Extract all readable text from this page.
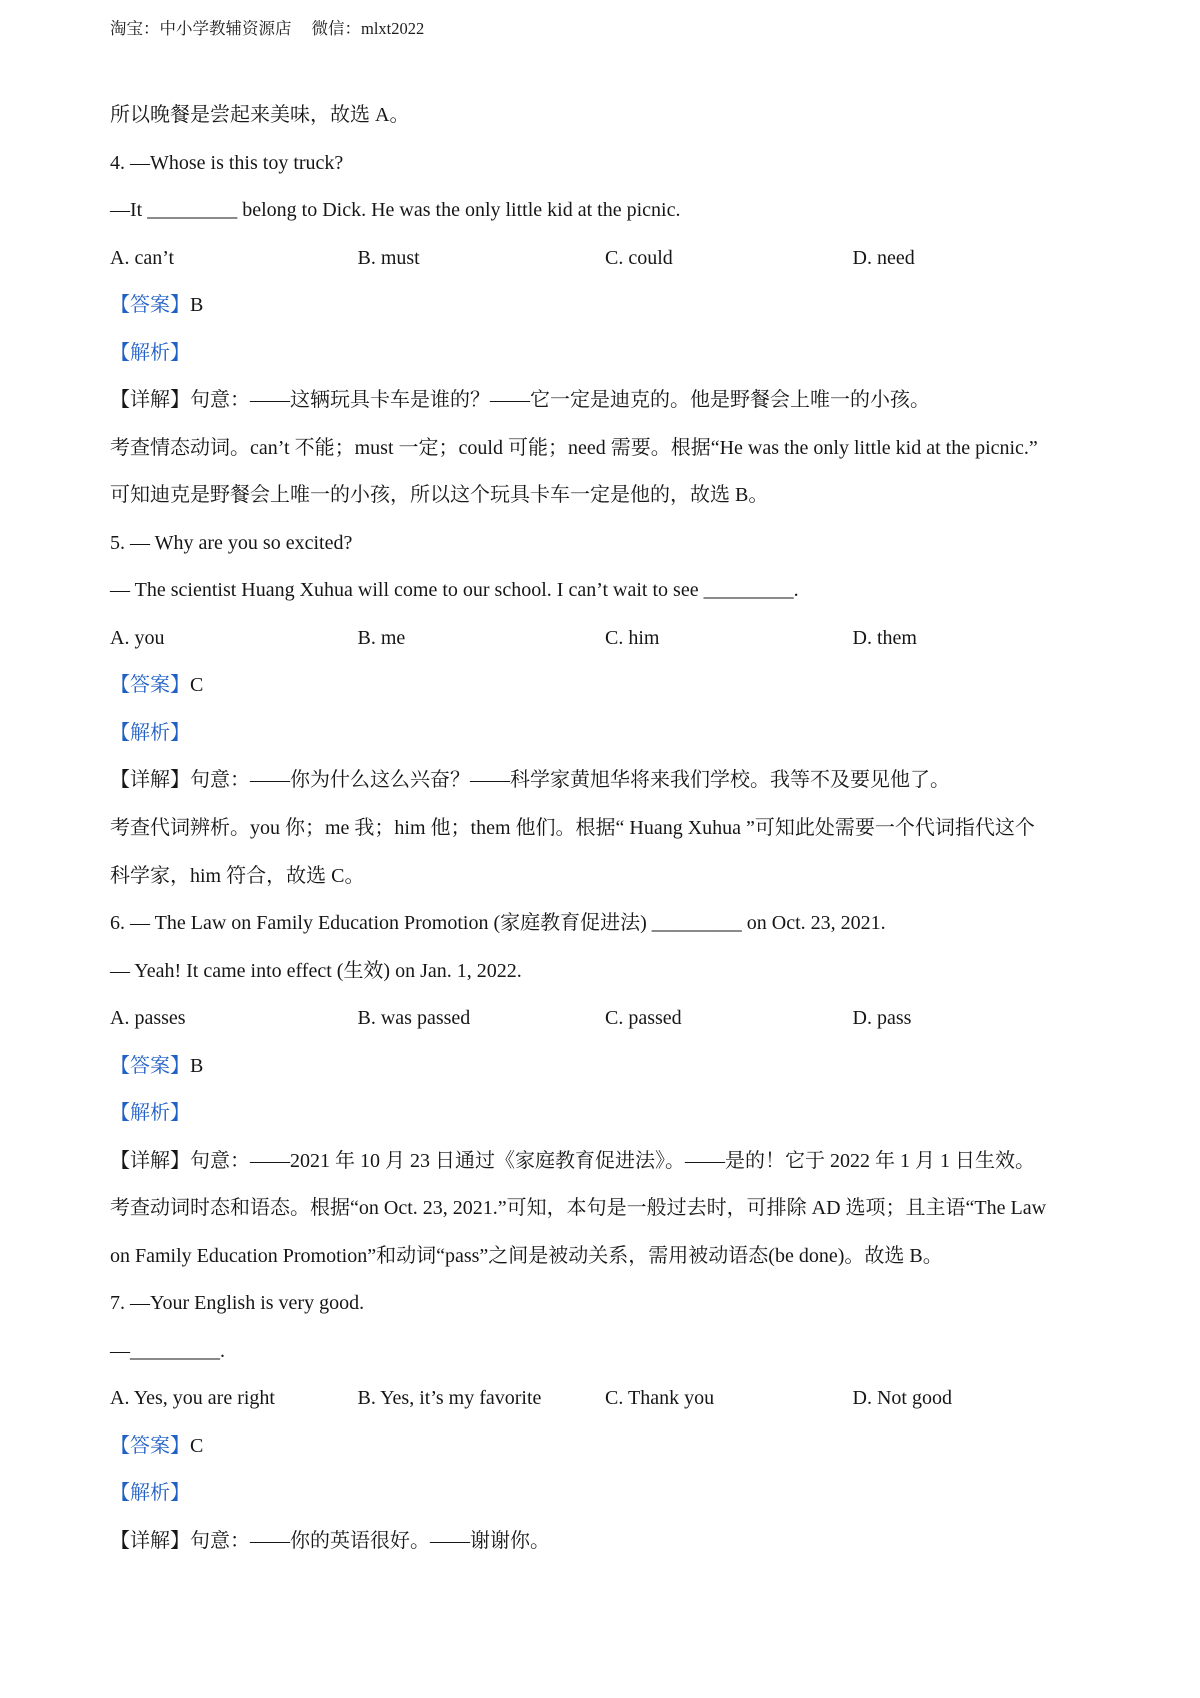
淘宝：中小学教辅资源店 微信：mlxt2022
所以晚餐是尝起来美味，故选 A。
4. —Whose is this toy truck?
—It _________ belong to Dick. He was the only little kid at the picnic.
A. can’t	B. must	C. could	D. need
【答案】B
【解析】
【详解】句意：——这辆玩具卡车是谁的？——它一定是迪克的。他是野餐会上唯一的小孩。
考查情态动词。can’t 不能；must 一定；could 可能；need 需要。根据“He was the only little kid at the picnic.”
可知迪克是野餐会上唯一的小孩，所以这个玩具卡车一定是他的，故选 B。
5. — Why are you so excited?
— The scientist Huang Xuhua will come to our school. I can’t wait to see _________.
A. you	B. me	C. him	D. them
【答案】C
【解析】
【详解】句意：——你为什么这么兴奋？——科学家黄旭华将来我们学校。我等不及要见他了。
考查代词辨析。you 你；me 我；him 他；them 他们。根据“ Huang Xuhua ”可知此处需要一个代词指代这个
科学家，him 符合，故选 C。
6. — The Law on Family Education Promotion (家庭教育促进法) _________ on Oct. 23, 2021.
— Yeah! It came into effect (生效) on Jan. 1, 2022.
A. passes	B. was passed	C. passed	D. pass
【答案】B
【解析】
【详解】句意：——2021 年 10 月 23 日通过《家庭教育促进法》。——是的！它于 2022 年 1 月 1 日生效。
考查动词时态和语态。根据“on Oct. 23, 2021.”可知，本句是一般过去时，可排除 AD 选项；且主语“The Law
on Family Education Promotion”和动词“pass”之间是被动关系，需用被动语态(be done)。故选 B。
7. —Your English is very good.
—_________.
A. Yes, you are right	B. Yes, it’s my favorite	C. Thank you	D. Not good
【答案】C
【解析】
【详解】句意：——你的英语很好。——谢谢你。
